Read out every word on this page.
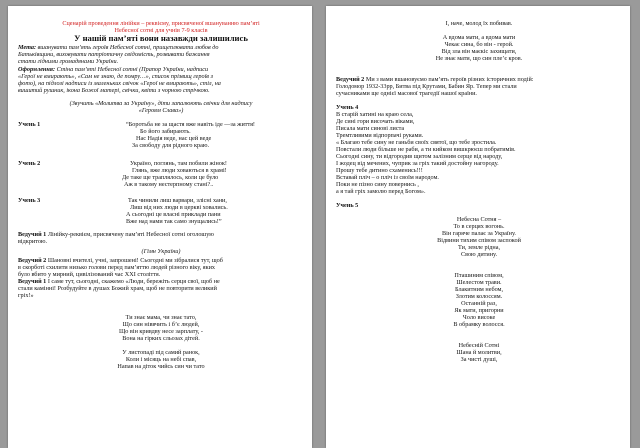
Сценарій проведення лінійки – реквієму, присвяченої вшануванню пам’яті
Небесної сотні для учнів 7-9 класів
У нашій пам’яті вони назавжди залишились
Мета: вшанувати пам’ять героїв Небесної сотні, прищеплювати любов до
Батьківщини, виховувати патріотичну свідомість, розвивати бажання
стати гідними громадянами України.
Оформлення: Стіна пам’яті Небесної сотні (Прапор України, надписи
«Герої не вмирають», «Сам не знаю, де помру…», список прізвищ героїв з
фото), на підлозі надписи із маленьких свічок «Герої не вмирають», стіл, на
вишитий рушник, ікона Божої матері, свічки, квіти з чорною стрічкою.
(Звучить «Молитва за Україну», діти запалюють свічки для надпису
«Героям Слава»)
Учень 1	“Боротьба не за щастя вже навіть іде —за життя!
Бо його забирають.
Нас Надія веде, нас цей веде
За свободу для рідного краю.
Учень 2	Україно, поглянь, там побили жінок!
Глянь, вже люди ховаються в храмі!
Де таке ще траплялось, коли це було
Аж в такому нестерпному стані?..
Учень 3	Так чинили лиш варвари, злісні хани,
Лиш від них люди в церкві ховались.
А сьогодні це власні приклади пани
Вже над нами так само знущались!”
Ведучий 1 Лінійку-реквієм, присвячену пам’яті Небесної сотні оголошую
відкритою.
(Гімн України)
Ведучий 2 Шановні вчителі, учні, запрошені! Сьогодні ми зібралися тут, щоб
в скорботі схилити низько голови перед пам’яттю людей різного віку, яких
було вбито у мирний, цивілізований час XXI століття.
Ведучий 1 І саме тут, сьогодні, скажемо «Люди, бережіть серця свої, щоб не
стали камінні! Розбудуйте в душах Божий храм, щоб не повторити великий
гріх!»
Ти знає мама, чи знає тато,
Що син ніввчить і б’є людей,
Що він кривдву несе зарплату, -
Вона на гірких сльозах дітей.
У листопаді під самий ранок,
Коли і місяць на небі спав,
Напав на діток чийсь син чи тато
І, наче, молод їх побивав.
А вдома мати, а вдома мати
Чекає сина, бо він - герой.
Від зла він маєкіс захищати,
Не знає мати, що син пле’є кров.
Ведучий 2 Ми з вами вшановуємо пам’ять героїв різних історичних подій:
Голодомор 1932-33рр, Битва під Крутами, Бабин Яр. Тепер ми стали
сучасниками ще однієї масової трагедії нашої країни.
Учень 4
В старій хатині на краю села,
Де сині гори височать віками,
Писала мати синові листа
Тремтливими відпорпачі руками.
« Благаю тебе сину не ганьби своїх святої, що тебе зростила.
Повстали люди більше не раби, а ти кийком вишкрюєш побратимів.
Сьогодні сину, ти відгородив щитом залізним серце від народу,
І жодец від мечених, чуприк за гріх такий достойну нагороду.
Прошу тебе дитино схаменись!!!
Вставай пліч – о пліч із своїм народом.
Поки не пізно сину повернись ,
а я тай гріх замолю перед Богом».
Учень 5
Небесна Сотня –
То в серцях вогонь.
Він гаряче палає за Україну.
Відвини тихим співом заспокой
Ти, земле рідна,
Свою дитину.
Пташиним співом,
Шелестом трави.
Блакитним небом,
Злотим колоссям.
Останній раз,
Як мати, пригорни
Чоло високе
В обрамку волосся.
Небесній Сотні
Шана й молитви,
За чисті душі,
